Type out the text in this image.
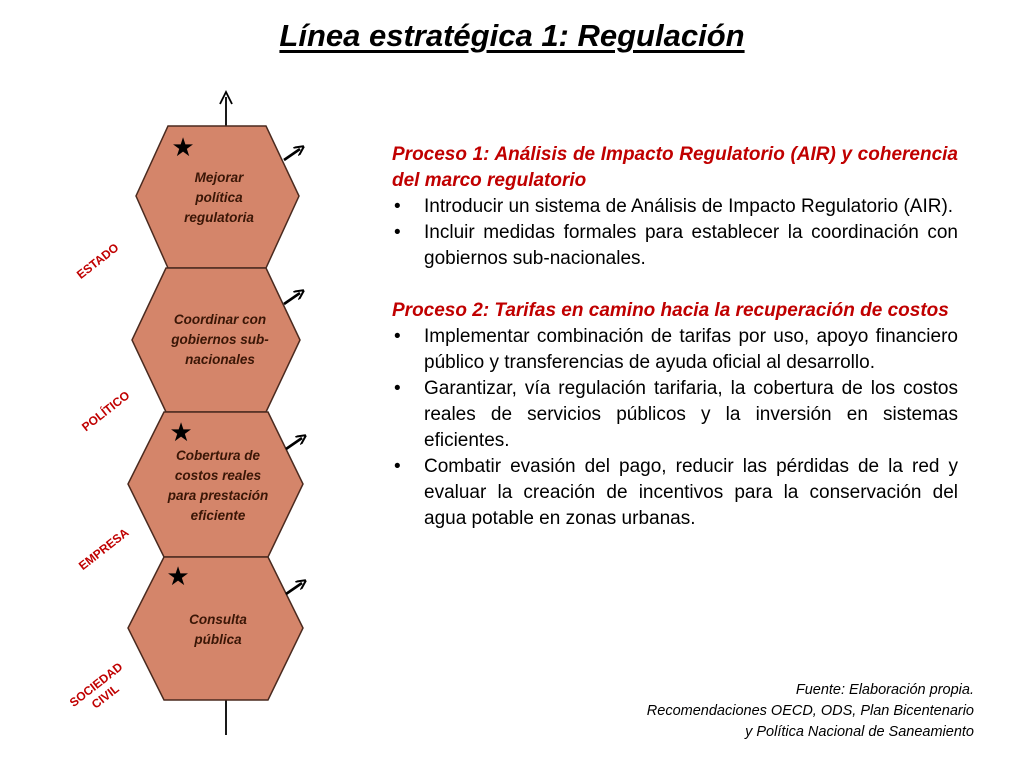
Línea estratégica 1: Regulación
★
★
★
Mejorar
política
regulatoria
Coordinar con
gobiernos sub-
nacionales
Cobertura de
costos reales
para prestación
eficiente
Consulta
pública
ESTADO
POLÍTICO
EMPRESA
SOCIEDAD CIVIL

Proceso 1: Análisis de Impacto Regulatorio (AIR) y coherencia del marco regulatorio

• Introducir un sistema de Análisis de Impacto Regulatorio (AIR).
• Incluir medidas formales para establecer la coordinación con gobiernos sub-nacionales.

Proceso 2: Tarifas en camino hacia la recuperación de costos

• Implementar combinación de tarifas por uso, apoyo financiero público y transferencias de ayuda oficial al desarrollo.
• Garantizar, vía regulación tarifaria, la cobertura de los costos reales de servicios públicos y la inversión en sistemas eficientes.
• Combatir evasión del pago, reducir las pérdidas de la red y evaluar la creación de incentivos para la conservación del agua potable en zonas urbanas.
Fuente: Elaboración propia.
Recomendaciones OECD, ODS, Plan Bicentenario
y Política Nacional de Saneamiento
